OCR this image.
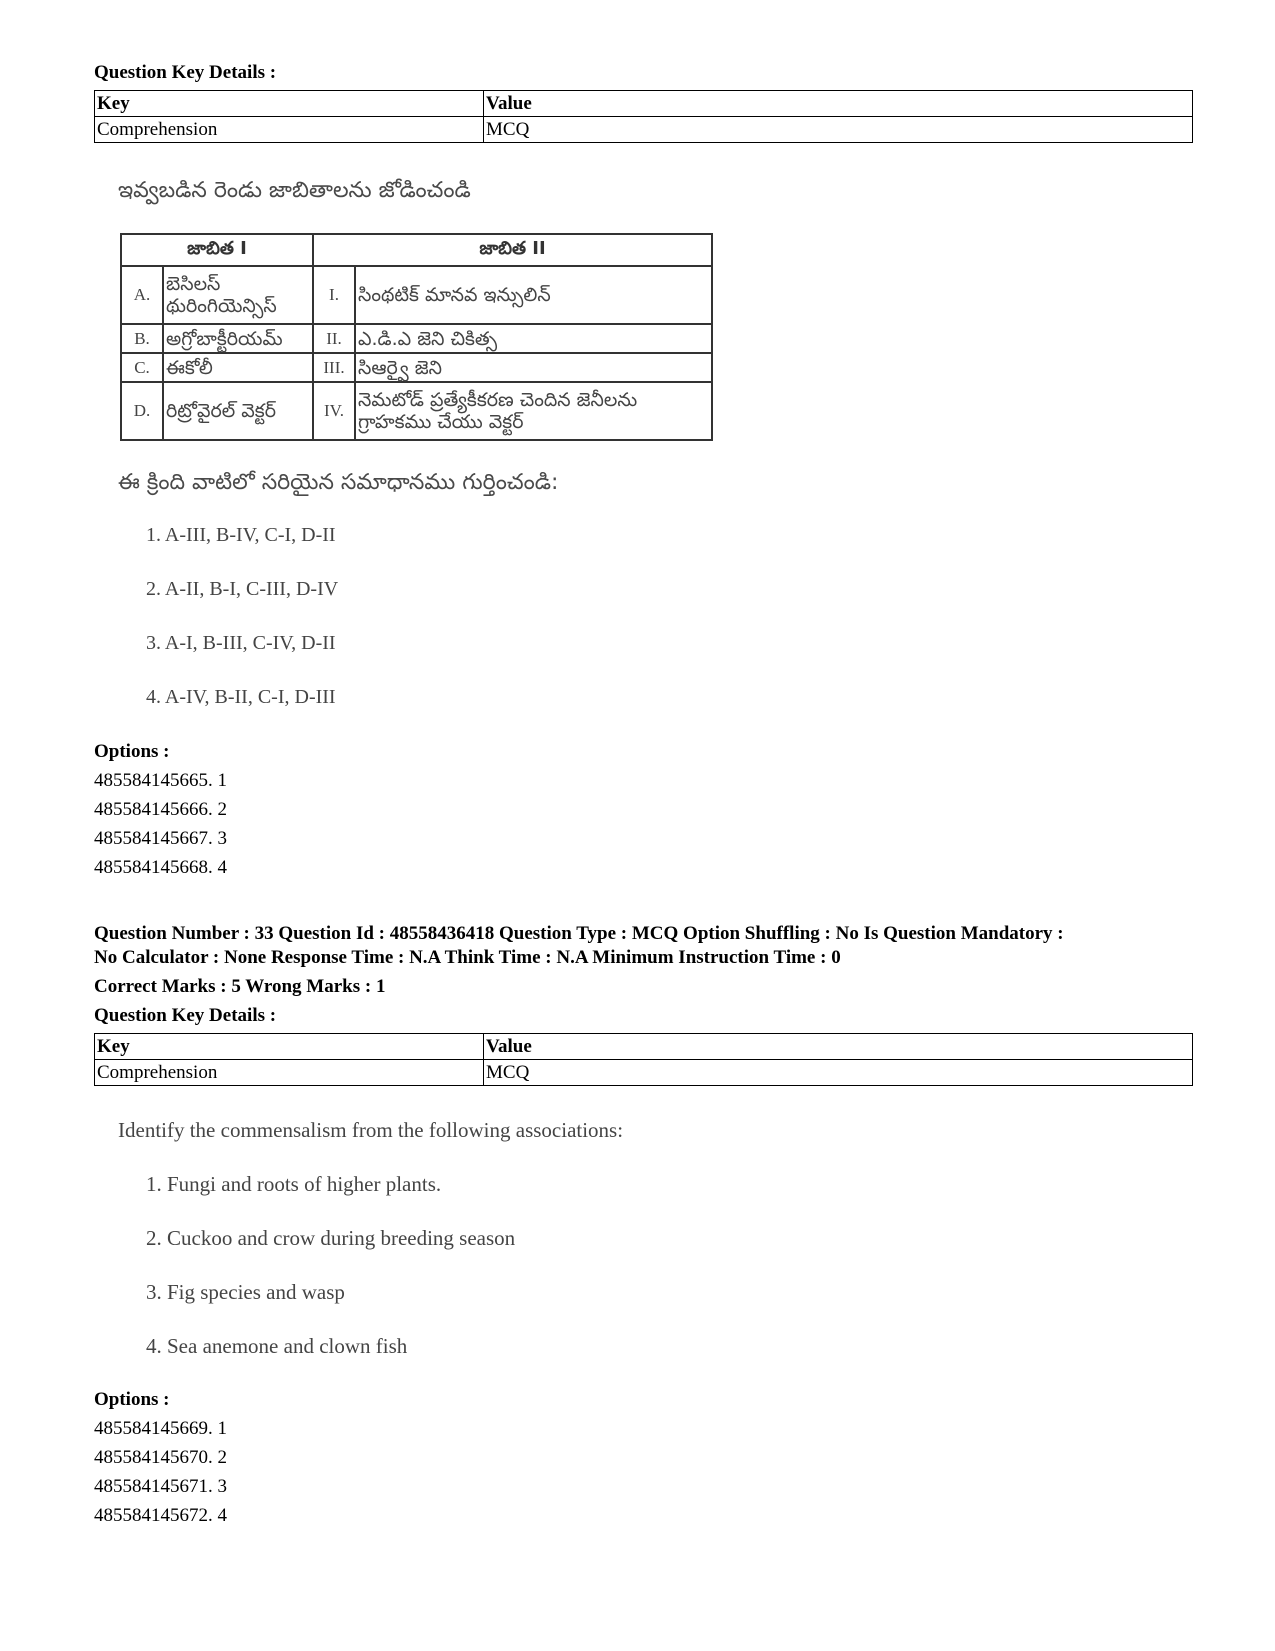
Question Key Details :
Key	Value
Comprehension	MCQ
ఇవ్వబడిన రెండు జాబితాలను జోడించండి
జాబిత I		జాబిత II	
A.	బెసిలస్ థురింగియెన్సిస్	I.	సింథటిక్ మానవ ఇన్సులిన్
B.	అగ్రోబాక్టీరియమ్	II.	ఎ.డి.ఎ జెని చికిత్స
C.	ఈకోలీ	III.	సిఆర్వై జెని
D.	రిట్రోవైరల్ వెక్టర్	IV.	నెమటోడ్ ప్రత్యేకీకరణ చెందిన జెనీలను గ్రాహకము చేయు వెక్టర్
ఈ క్రింది వాటిలో సరియైన సమాధానము గుర్తించండి:
1. A-III, B-IV, C-I, D-II
2. A-II, B-I, C-III, D-IV
3. A-I, B-III, C-IV, D-II
4. A-IV, B-II, C-I, D-III
Options :
485584145665. 1
485584145666. 2
485584145667. 3
485584145668. 4
Question Number : 33 Question Id : 48558436418 Question Type : MCQ Option Shuffling : No Is Question Mandatory :
No Calculator : None Response Time : N.A Think Time : N.A Minimum Instruction Time : 0
Correct Marks : 5 Wrong Marks : 1
Question Key Details :
Key	Value
Comprehension	MCQ
Identify the commensalism from the following associations:
1. Fungi and roots of higher plants.
2. Cuckoo and crow during breeding season
3. Fig species and wasp
4. Sea anemone and clown fish
Options :
485584145669. 1
485584145670. 2
485584145671. 3
485584145672. 4
